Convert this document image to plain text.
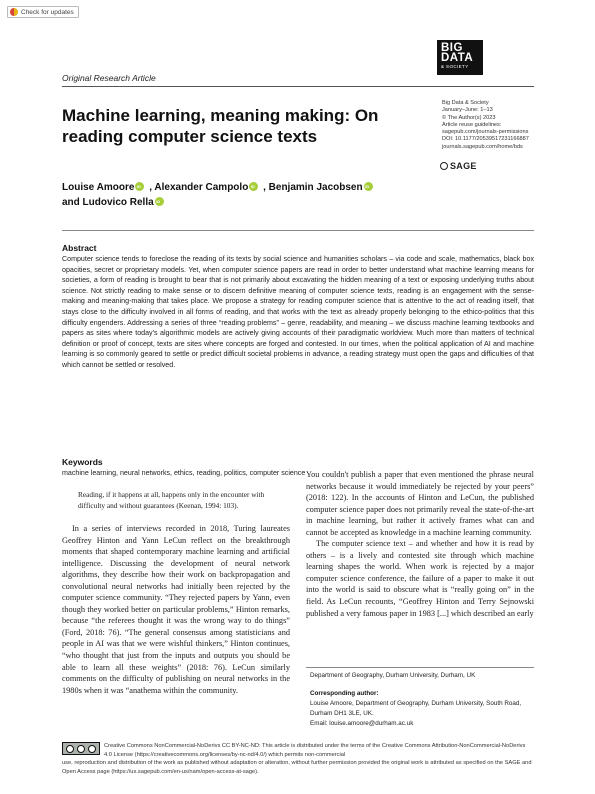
Check for updates
BIG
DATA
& SOCIETY
Original Research Article
Machine learning, meaning making: On reading computer science texts
Big Data & Society
January–June: 1–13
© The Author(s) 2023
Article reuse guidelines:
sagepub.com/journals-permissions
DOI: 10.1177/20539517231166887
journals.sagepub.com/home/bds
SAGE
Louise AmooreiD , Alexander CampoloiD , Benjamin JacobseniD
and Ludovico RellaiD
Abstract

Computer science tends to foreclose the reading of its texts by social science and humanities scholars – via code and scale, mathematics, black box opacities, secret or proprietary models. Yet, when computer science papers are read in order to better understand what machine learning means for societies, a form of reading is brought to bear that is not primarily about excavating the hidden meaning of a text or exposing underlying truths about science. Not strictly reading to make sense or to discern definitive meaning of computer science texts, reading is an engagement with the sense-making and meaning-making that takes place. We propose a strategy for reading computer science that is attentive to the act of reading itself, that stays close to the difficulty involved in all forms of reading, and that works with the text as already properly belonging to the ethico-politics that this difficulty engenders. Addressing a series of three “reading problems” – genre, readability, and meaning – we discuss machine learning textbooks and papers as sites where today's algorithmic models are actively giving accounts of their paradigmatic worldview. Much more than matters of technical definition or proof of concept, texts are sites where concepts are forged and contested. In our times, when the political application of AI and machine learning is so commonly geared to settle or predict difficult societal problems in advance, a reading strategy must open the gaps and difficulties of that which cannot be settled or resolved.

Keywords

machine learning, neural networks, ethics, reading, politics, computer science

Reading, if it happens at all, happens only in the encounter with difficulty and without guarantees (Keenan, 1994: 103).

In a series of interviews recorded in 2018, Turing laureates Geoffrey Hinton and Yann LeCun reflect on the breakthrough moments that shaped contemporary machine learning and artificial intelligence. Discussing the development of neural network algorithms, they describe how their work on backpropagation and convolutional neural networks had initially been rejected by the computer science community. “They rejected papers by Yann, even though they worked better on particular problems,” Hinton remarks, because “the referees thought it was the wrong way to do things” (Ford, 2018: 76). “The general consensus among statisticians and people in AI was that we were wishful thinkers,” Hinton continues, “who thought that just from the inputs and outputs you should be able to learn all these weights” (2018: 76). LeCun similarly comments on the difficulty of publishing on neural networks in the 1980s when it was “anathema within the community.

You couldn't publish a paper that even mentioned the phrase neural networks because it would immediately be rejected by your peers” (2018: 122). In the accounts of Hinton and LeCun, the published computer science paper does not primarily reveal the state-of-the-art in machine learning, but rather it actively frames what can and cannot be accepted as knowledge in a machine learning community.

The computer science text – and whether and how it is read by others – is a lively and contested site through which machine learning shapes the world. When work is rejected by a major computer science conference, the failure of a paper to make it out into the world is said to obscure what is “really going on” in the field. As LeCun recounts, “Geoffrey Hinton and Terry Sejnowski published a very famous paper in 1983 [...] which described an early

Department of Geography, Durham University, Durham, UK
Corresponding author:
Louise Amoore, Department of Geography, Durham University, South Road, Durham DH1 3LE, UK.
Email: louise.amoore@durham.ac.uk
Creative Commons NonCommercial-NoDerivs CC BY-NC-ND: This article is distributed under the terms of the Creative Commons Attribution-NonCommercial-NoDerivs 4.0 License (https://creativecommons.org/licenses/by-nc-nd/4.0/) which permits non-commercial
use, reproduction and distribution of the work as published without adaptation or alteration, without further permission provided the original work is attributed as specified on the SAGE and Open Access page (https://us.sagepub.com/en-us/nam/open-access-at-sage).
